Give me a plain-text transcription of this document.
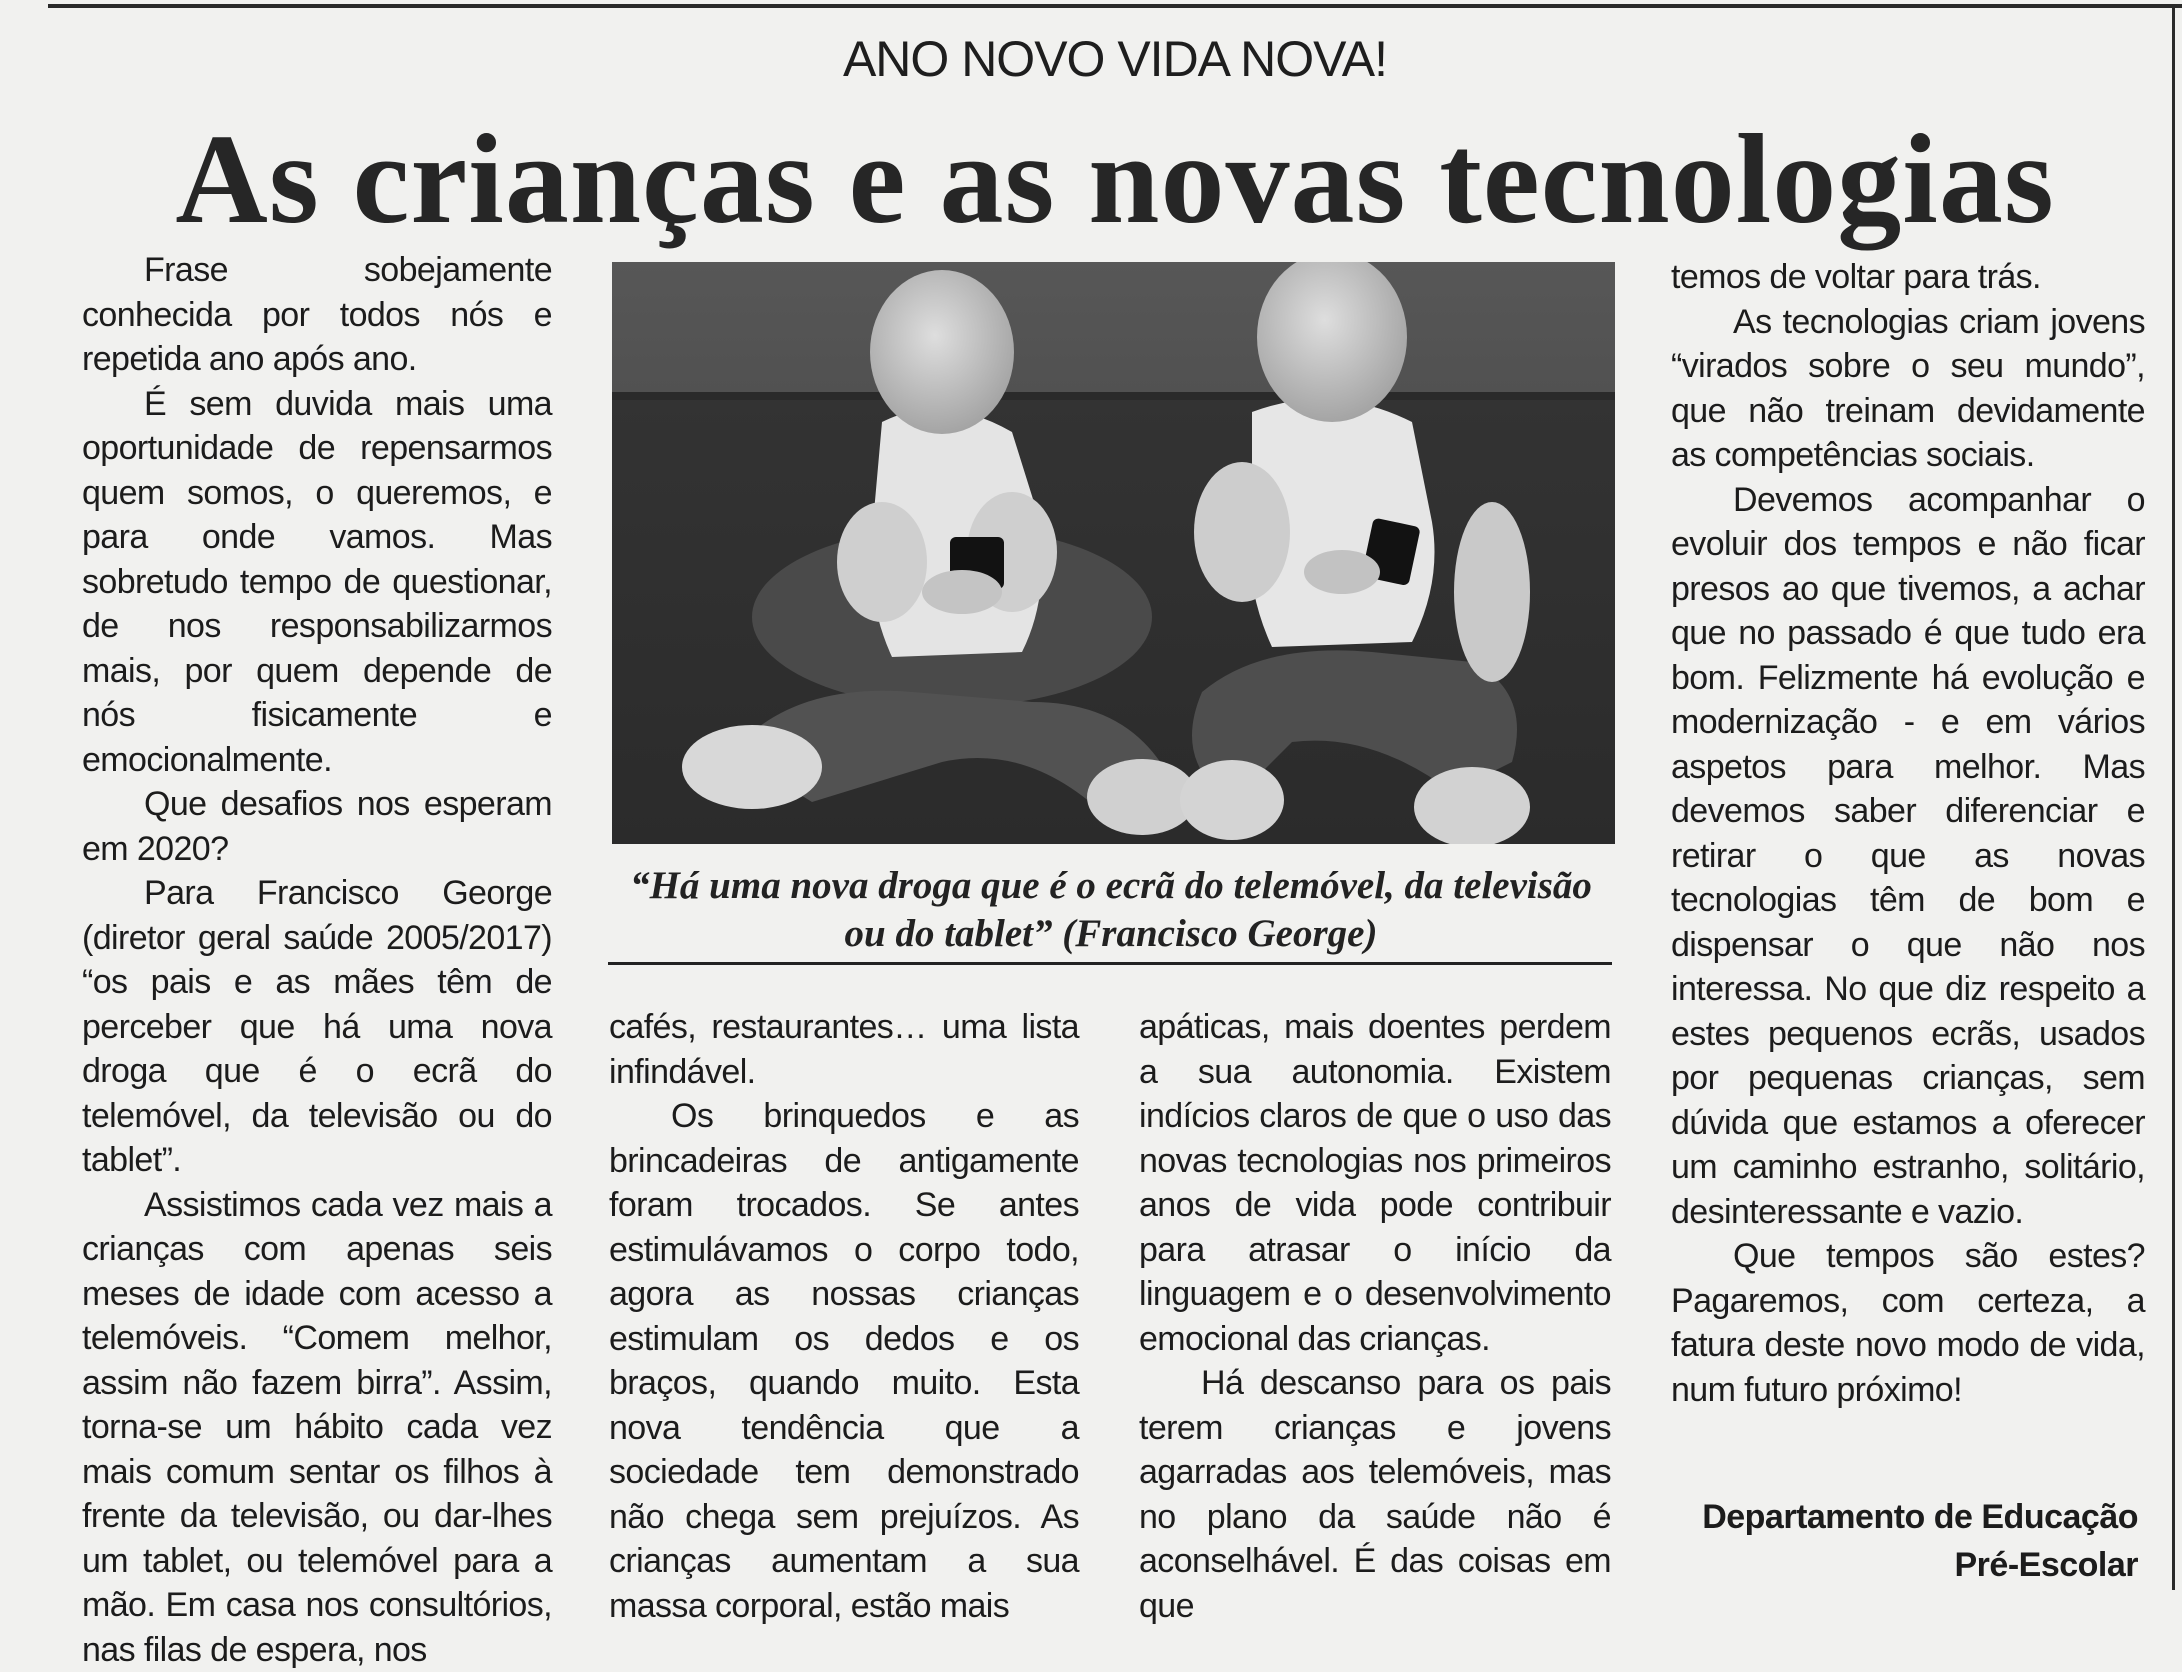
ANO NOVO VIDA NOVA!
As crianças e as novas tecnologias

Frase sobejamente conhecida por todos nós e repetida ano após ano.

É sem duvida mais uma oportunidade de repensarmos quem somos, o queremos, e para onde vamos. Mas sobretudo tempo de questionar, de nos responsabilizarmos mais, por quem depende de nós fisicamente e emocionalmente.

Que desafios nos esperam em 2020?

Para Francisco George (diretor geral saúde 2005/2017) “os pais e as mães têm de perceber que há uma nova droga que é o ecrã do telemóvel, da televisão ou do tablet”.

Assistimos cada vez mais a crianças com apenas seis meses de idade com acesso a telemóveis. “Comem melhor, assim não fazem birra”. Assim, torna-se um hábito cada vez mais comum sentar os filhos à frente da televisão, ou dar-lhes um tablet, ou telemóvel para a mão. Em casa nos consultórios, nas filas de espera, nos

“Há uma nova droga que é o ecrã do telemóvel, da televisão
ou do tablet” (Francisco George)

cafés, restaurantes… uma lista infindável.

Os brinquedos e as brincadeiras de antigamente foram trocados. Se antes estimulávamos o corpo todo, agora as nossas crianças estimulam os dedos e os braços, quando muito. Esta nova tendência que a sociedade tem demonstrado não chega sem prejuízos. As crianças aumentam a sua massa corporal, estão mais

apáticas, mais doentes perdem a sua autonomia. Existem indícios claros de que o uso das novas tecnologias nos primeiros anos de vida pode contribuir para atrasar o início da linguagem e o desenvolvimento emocional das crianças.

Há descanso para os pais terem crianças e jovens agarradas aos telemóveis, mas no plano da saúde não é aconselhável. É das coisas em que

temos de voltar para trás.

As tecnologias criam jovens “virados sobre o seu mundo”, que não treinam devidamente as competências sociais.

Devemos acompanhar o evoluir dos tempos e não ficar presos ao que tivemos, a achar que no passado é que tudo era bom. Felizmente há evolução e modernização - e em vários aspetos para melhor. Mas devemos saber diferenciar e retirar o que as novas tecnologias têm de bom e dispensar o que não nos interessa. No que diz respeito a estes pequenos ecrãs, usados por pequenas crianças, sem dúvida que estamos a oferecer um caminho estranho, solitário, desinteressante e vazio.

Que tempos são estes? Pagaremos, com certeza, a fatura deste novo modo de vida, num futuro próximo!

Departamento de Educação
Pré-Escolar
